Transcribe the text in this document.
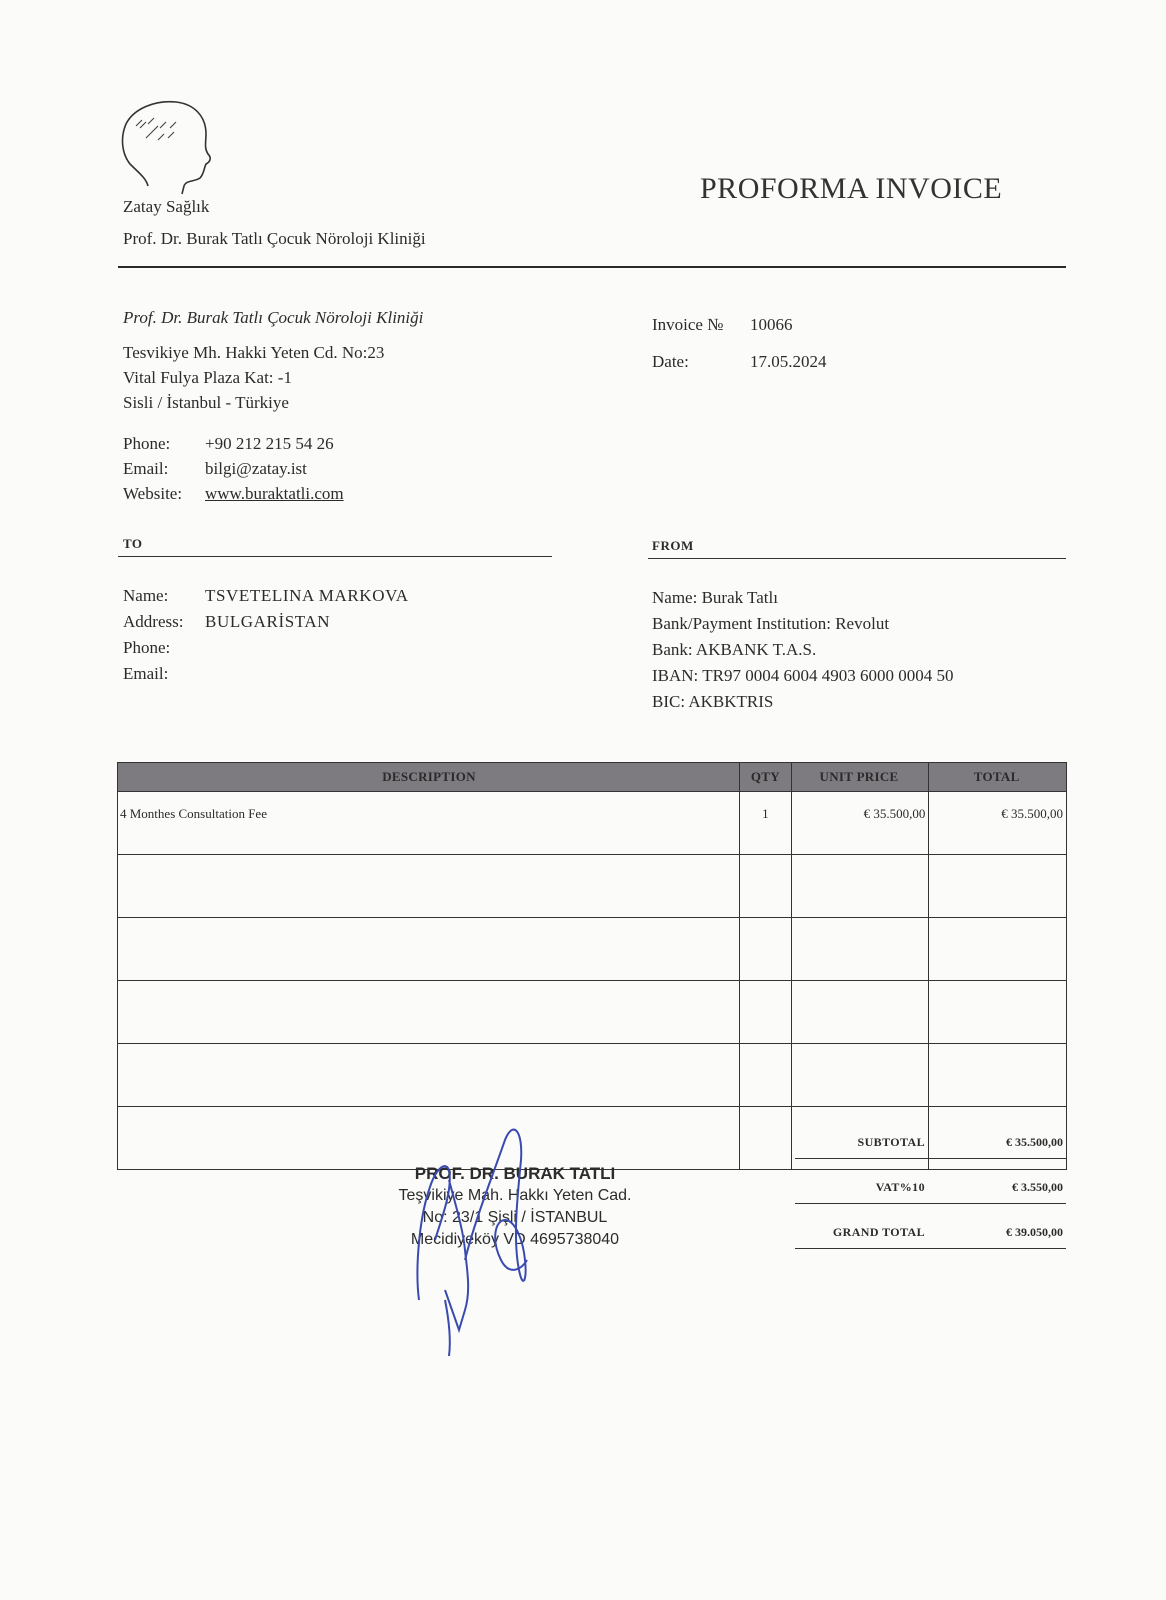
Zatay Sağlık
Prof. Dr. Burak Tatlı Çocuk Nöroloji Kliniği
PROFORMA INVOICE
Prof. Dr. Burak Tatlı Çocuk Nöroloji Kliniği
Tesvikiye Mh. Hakki Yeten Cd. No:23
Vital Fulya Plaza Kat: -1
Sisli / İstanbul - Türkiye
Phone:	+90 212 215 54 26
Email:	bilgi@zatay.ist
Website:	www.buraktatli.com
Invoice №	10066
Date:	17.05.2024
TO	FROM
Name:	TSVETELINA MARKOVA
Address:	BULGARİSTAN
Phone:
Email:
Name: Burak Tatlı
Bank/Payment Institution: Revolut
Bank: AKBANK T.A.S.
IBAN: TR97 0004 6004 4903 6000 0004 50
BIC: AKBKTRIS
DESCRIPTION	QTY	UNIT PRICE	TOTAL
4 Monthes Consultation Fee	1	€ 35.500,00	€ 35.500,00

SUBTOTAL	€ 35.500,00
VAT%10	€ 3.550,00
GRAND TOTAL	€ 39.050,00
PROF. DR. BURAK TATLI
Teşvikiye Mah. Hakkı Yeten Cad.
No: 23/1 Şişli / İSTANBUL
Mecidiyeköy VD 4695738040
